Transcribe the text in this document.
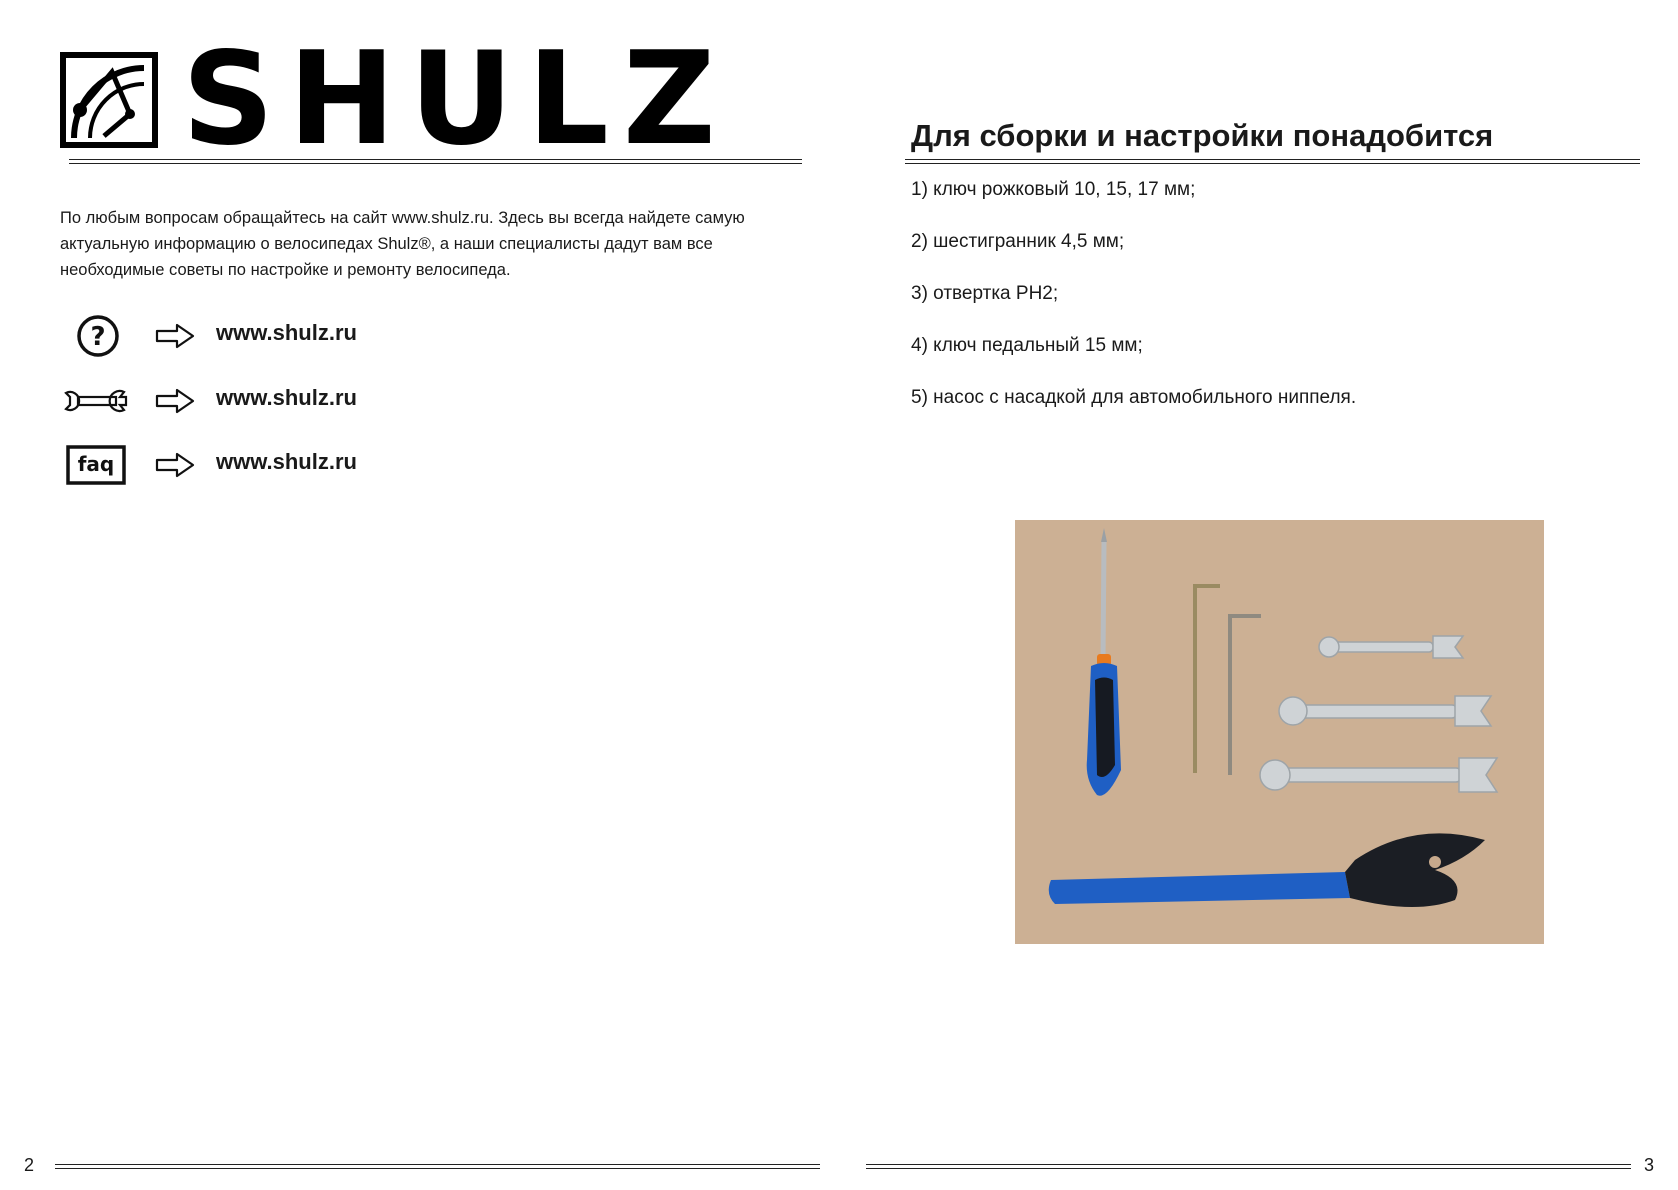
SHULZ
По любым вопросам обращайтесь на сайт www.shulz.ru. Здесь вы всегда найдете самую актуальную информацию о велосипедах Shulz®, а наши специалисты дадут вам все необходимые советы по настройке и ремонту велосипеда.
?	www.shulz.ru
www.shulz.ru
faq	www.shulz.ru
Для сборки и настройки понадобится
1) ключ рожковый 10, 15, 17 мм;
2) шестигранник 4,5 мм;
3) отвертка PH2;
4) ключ педальный 15 мм;
5) насос с насадкой для автомобильного ниппеля.
2	3
